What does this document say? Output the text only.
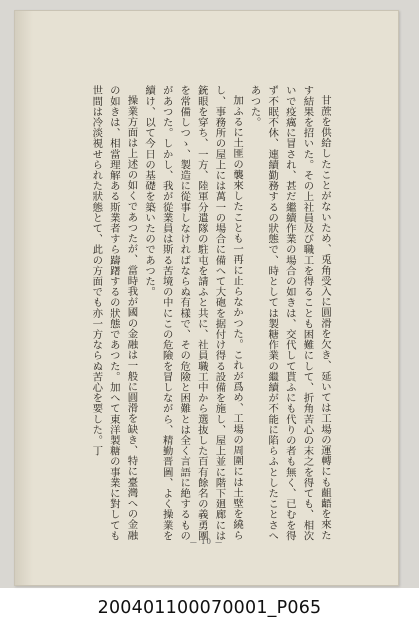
甘蔗を供給したことがないため、兎角受入に圓滑を欠き、延いては工場の運轉にも齟齬を來たす結果を招いた。その上社員及び職工を得ることも困難にして、折角苦心の末之を得ても、相次いで疫癘に冒され、甚だ繼續作業の場合の如きは、交代して貰ふにも代りの者も無く、已むを得ず不眠不休、連續勤務するの狀態で、時としては製糖作業の繼續が不能に陷らふとしたことさへあつた。

加ふるに土匪の襲來したことも一再に止らなかつた。これが爲め、工場の周圍には土壁を繞らし、事務所の屋上には萬一の場合に備へて大砲を据付け得る設備を施し、屋上並に階下廻廊には銃眼を穿ち、一方、陸軍分遣隊の駐屯を請ふと共に、社員職工中から選抜した百有餘名の義勇團を常備しつゝ、製造に從事しなければならぬ有樣で、その危險と困難とは全く言語に絶するものがあつた。しかし、我が從業員は斯る苦境の中にこの危險を冒しながら、精勤晋圖、よく操業を續け、以て今日の基礎を築いたのであつた。

操業方面は上述の如くであつたが、當時我が國の金融は一般に圓滑を缺き、特に臺灣への金融の如きは、相當理解ある斯業者すら躊躇するの狀態であつた。加へて東洋製糖の事業に對しても世間は冷淡視せられた狀態とて、此の方面でも亦一方ならぬ苦心を要した。丁

— 10 —
200401100070001_P065
